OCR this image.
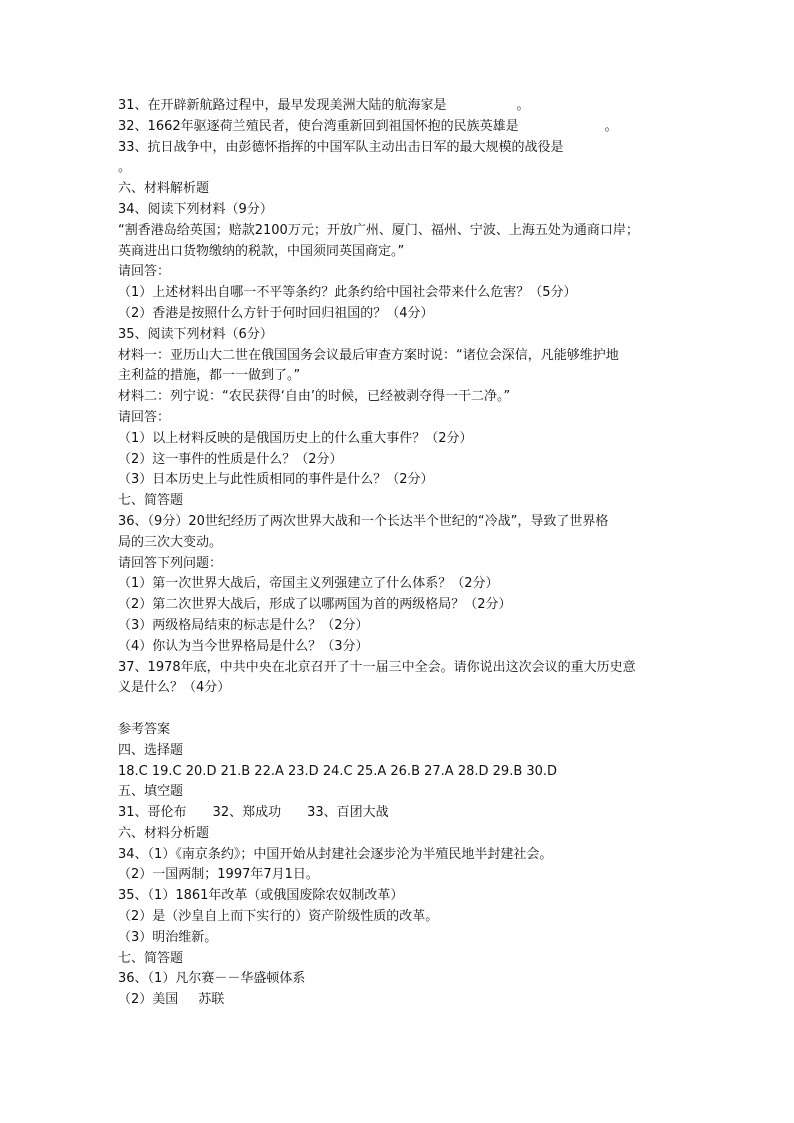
31、在开辟新航路过程中，最早发现美洲大陆的航海家是	。
32、1662年驱逐荷兰殖民者，使台湾重新回到祖国怀抱的民族英雄是	。
33、抗日战争中，由彭德怀指挥的中国军队主动出击日军的最大规模的战役是
。
六、材料解析题
34、阅读下列材料（9分）
“割香港岛给英国；赔款2100万元；开放广州、厦门、福州、宁波、上海五处为通商口岸；
英商进出口货物缴纳的税款，中国须同英国商定。”
请回答：
（1）上述材料出自哪一不平等条约？此条约给中国社会带来什么危害？（5分）
（2）香港是按照什么方针于何时回归祖国的？（4分）
35、阅读下列材料（6分）
材料一：亚历山大二世在俄国国务会议最后审查方案时说：“诸位会深信，凡能够维护地
主利益的措施，都一一做到了。”
材料二：列宁说：“农民获得‘自由’的时候，已经被剥夺得一干二净。”
请回答：
（1）以上材料反映的是俄国历史上的什么重大事件？（2分）
（2）这一事件的性质是什么？（2分）
（3）日本历史上与此性质相同的事件是什么？（2分）
七、简答题
36、（9分）20世纪经历了两次世界大战和一个长达半个世纪的“冷战”，导致了世界格
局的三次大变动。
请回答下列问题：
（1）第一次世界大战后，帝国主义列强建立了什么体系？（2分）
（2）第二次世界大战后，形成了以哪两国为首的两级格局？（2分）
（3）两级格局结束的标志是什么？（2分）
（4）你认为当今世界格局是什么？（3分）
37、1978年底，中共中央在北京召开了十一届三中全会。请你说出这次会议的重大历史意
义是什么？（4分）
参考答案
四、选择题
18.C 19.C 20.D 21.B 22.A 23.D 24.C 25.A 26.B 27.A 28.D 29.B 30.D
五、填空题
31、哥伦布 32、郑成功 33、百团大战
六、材料分析题
34、（1）《南京条约》；中国开始从封建社会逐步沦为半殖民地半封建社会。
（2）一国两制；1997年7月1日。
35、（1）1861年改革（或俄国废除农奴制改革）
（2）是（沙皇自上而下实行的）资产阶级性质的改革。
（3）明治维新。
七、简答题
36、（1）凡尔赛－－华盛顿体系
（2）美国 苏联
